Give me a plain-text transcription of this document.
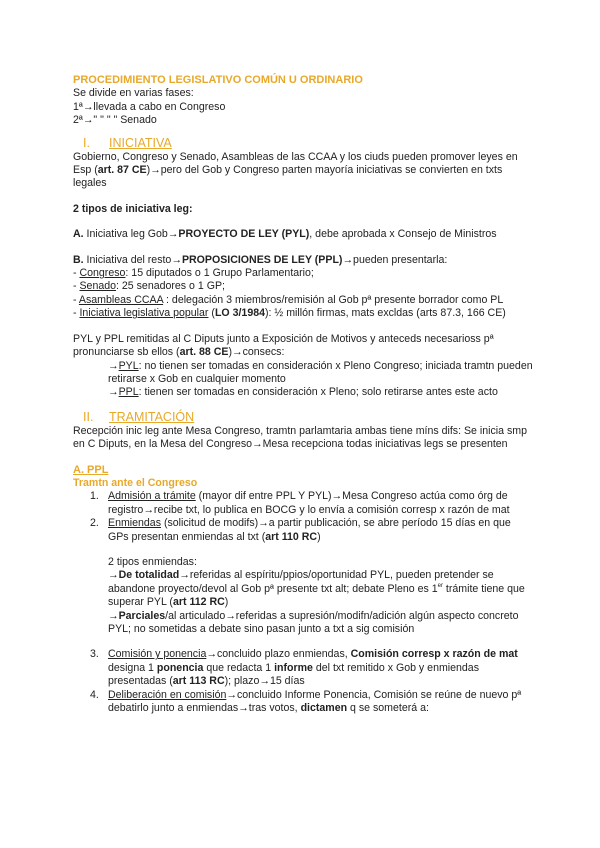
PROCEDIMIENTO LEGISLATIVO COMÚN U ORDINARIO
Se divide en varias fases:
1ª→llevada a cabo en Congreso
2ª→" " " " Senado
I. INICIATIVA
Gobierno, Congreso y Senado, Asambleas de las CCAA y los ciuds pueden promover leyes en Esp (art. 87 CE)→pero del Gob y Congreso parten mayoría iniciativas se convierten en txts legales
2 tipos de iniciativa leg:
A. Iniciativa leg Gob→PROYECTO DE LEY (PYL), debe aprobada x Consejo de Ministros
B. Iniciativa del resto→PROPOSICIONES DE LEY (PPL)→pueden presentarla:
- Congreso: 15 diputados o 1 Grupo Parlamentario;
- Senado: 25 senadores o 1 GP;
- Asambleas CCAA : delegación 3 miembros/remisión al Gob pª presente borrador como PL
- Iniciativa legislativa popular (LO 3/1984): ½ millón firmas, mats excldas (arts 87.3, 166 CE)
PYL y PPL remitidas al C Diputs junto a Exposición de Motivos y anteceds necesarioss pª pronunciarse sb ellos (art. 88 CE)→consecs:
→PYL: no tienen ser tomadas en consideración x Pleno Congreso; iniciada tramtn pueden retirarse x Gob en cualquier momento
→PPL: tienen ser tomadas en consideración x Pleno; solo retirarse antes este acto
II. TRAMITACIÓN
Recepción inic leg ante Mesa Congreso, tramtn parlamtaria ambas tiene míns difs: Se inicia smp en C Diputs, en la Mesa del Congreso→Mesa recepciona todas iniciativas legs se presenten
A. PPL
Tramtn ante el Congreso
1. Admisión a trámite (mayor dif entre PPL Y PYL)→Mesa Congreso actúa como órg de registro→recibe txt, lo publica en BOCG y lo envía a comisión corresp x razón de mat
2. Enmiendas (solicitud de modifs)→a partir publicación, se abre período 15 días en que GPs presentan enmiendas al txt (art 110 RC)
2 tipos enmiendas:
→De totalidad→referidas al espíritu/ppios/oportunidad PYL, pueden pretender se abandone proyecto/devol al Gob pª presente txt alt; debate Pleno es 1er trámite tiene que superar PYL (art 112 RC)
→Parciales/al articulado→referidas a supresión/modifn/adición algún aspecto concreto PYL; no sometidas a debate sino pasan junto a txt a sig comisión
3. Comisión y ponencia→concluido plazo enmiendas, Comisión corresp x razón de mat designa 1 ponencia que redacta 1 informe del txt remitido x Gob y enmiendas presentadas (art 113 RC); plazo→15 días
4. Deliberación en comisión→concluido Informe Ponencia, Comisión se reúne de nuevo pª debatirlo junto a enmiendas→tras votos, dictamen q se someterá a:
